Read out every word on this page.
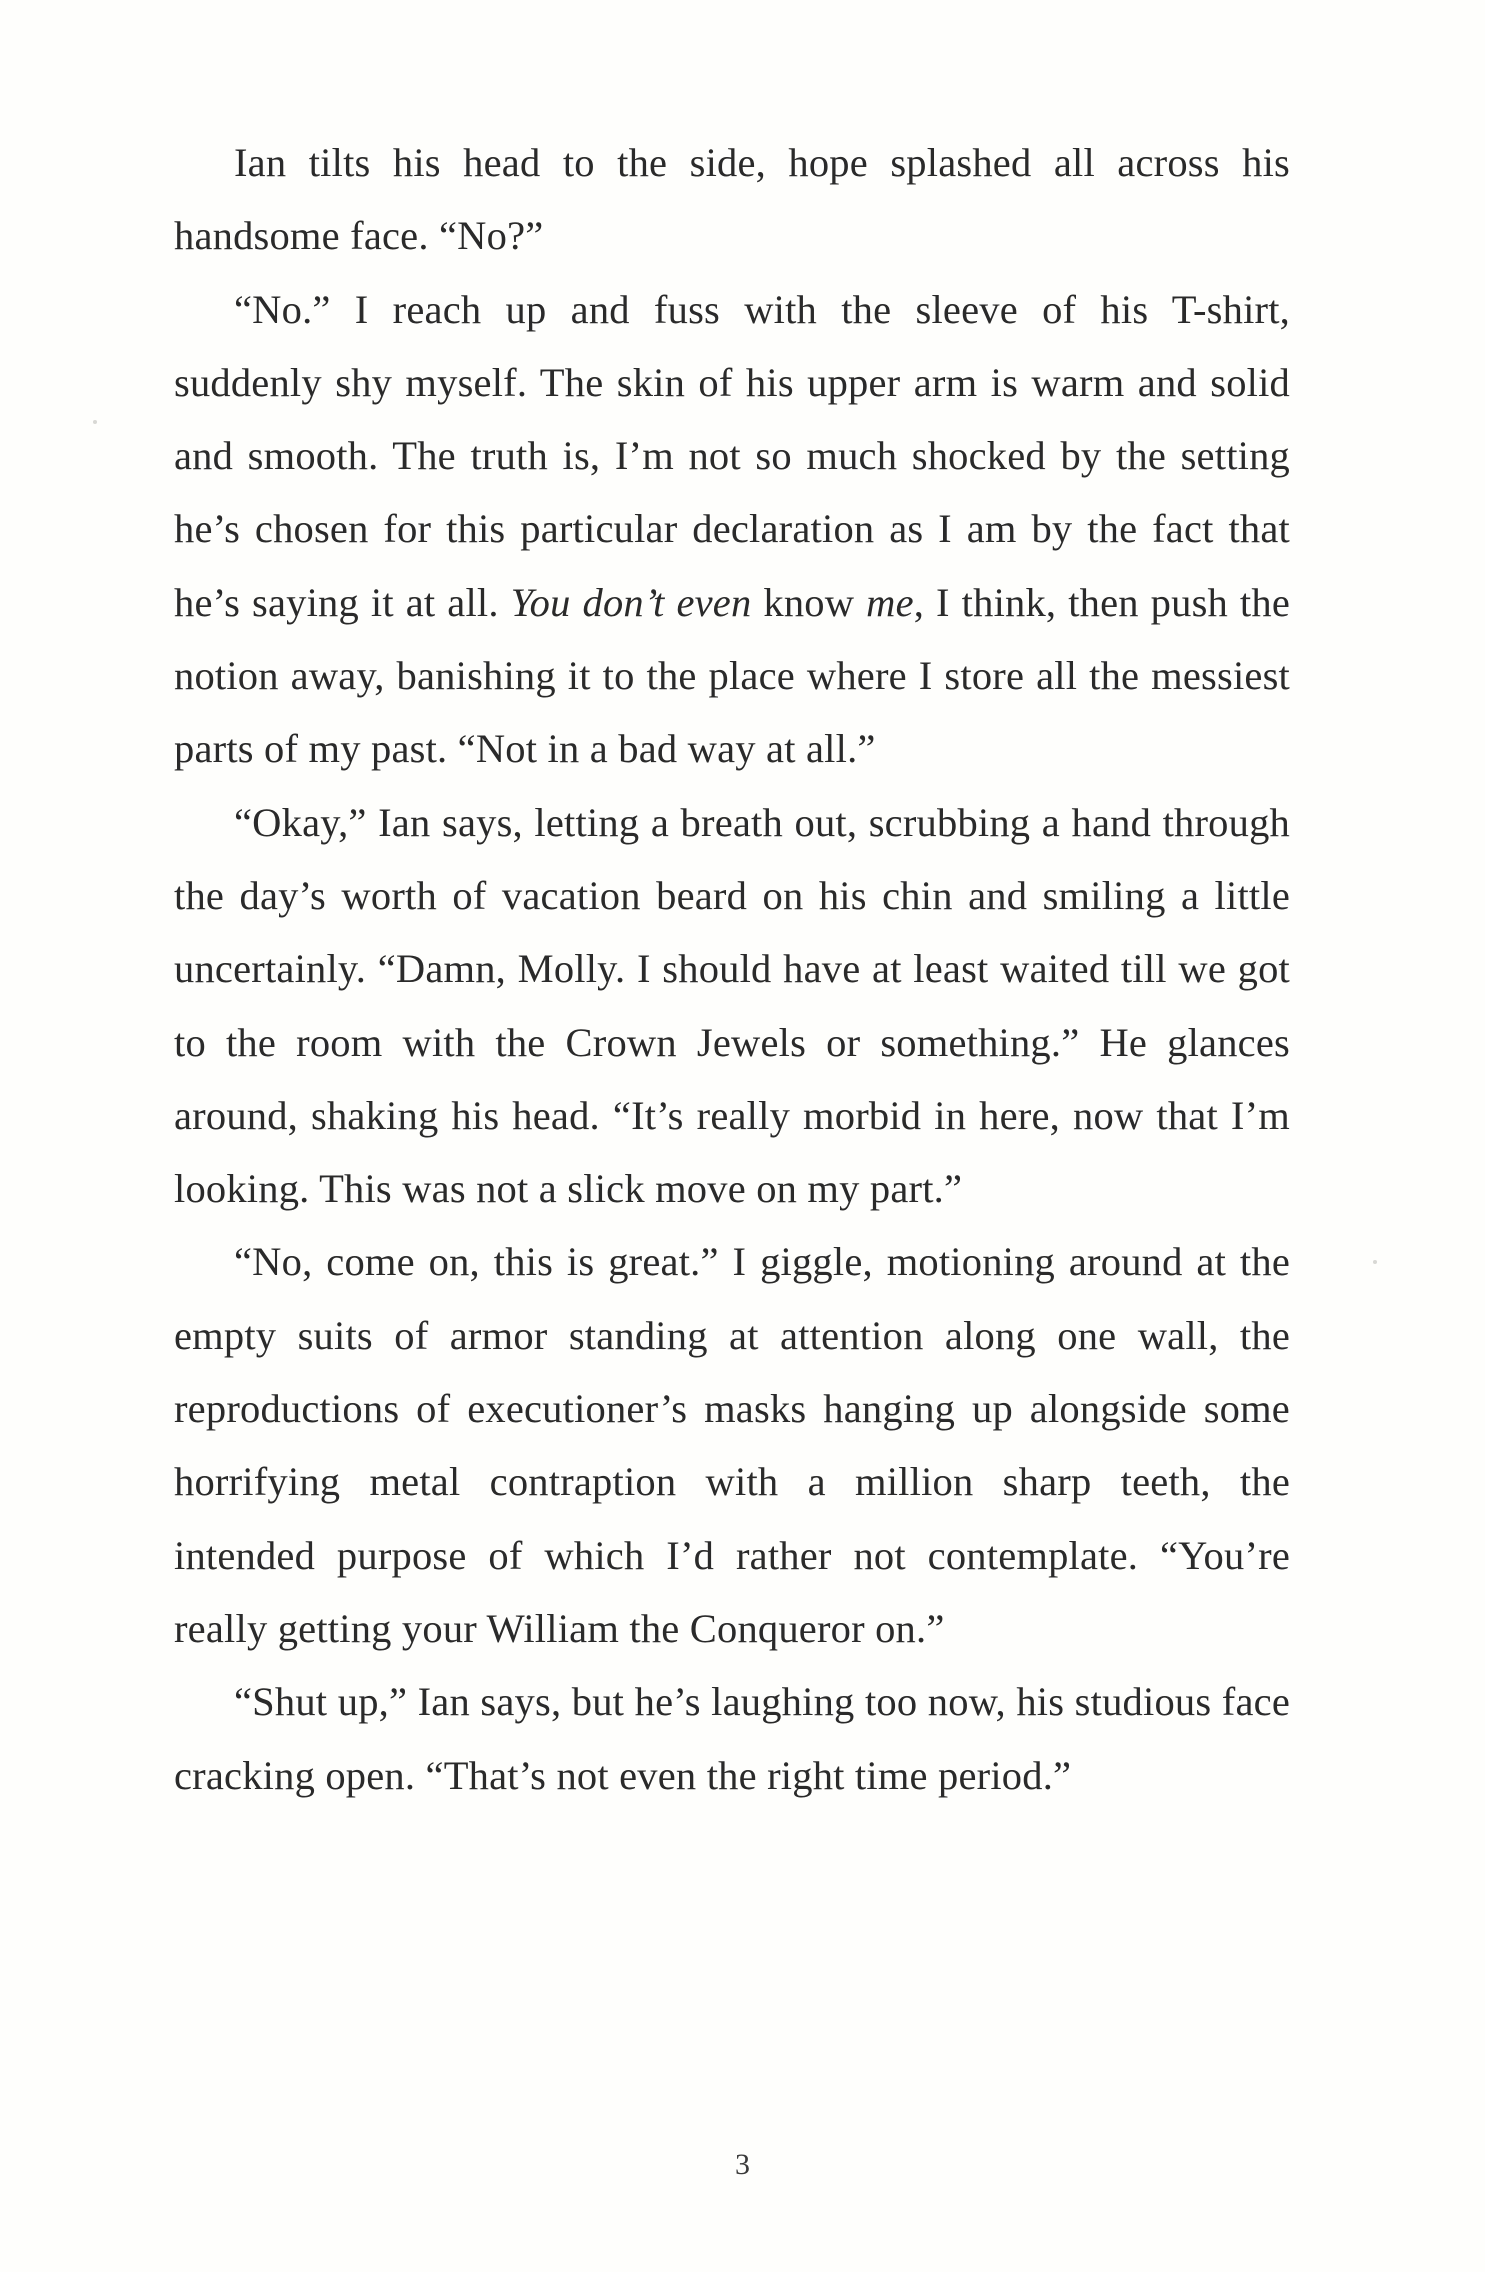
Ian tilts his head to the side, hope splashed all across his handsome face. “No?”

“No.” I reach up and fuss with the sleeve of his T-shirt, suddenly shy myself. The skin of his upper arm is warm and solid and smooth. The truth is, I’m not so much shocked by the setting he’s chosen for this particular declaration as I am by the fact that he’s saying it at all. You don’t even know me, I think, then push the notion away, banishing it to the place where I store all the messiest parts of my past. “Not in a bad way at all.”

“Okay,” Ian says, letting a breath out, scrubbing a hand through the day’s worth of vacation beard on his chin and smiling a little uncertainly. “Damn, Molly. I should have at least waited till we got to the room with the Crown Jewels or something.” He glances around, shaking his head. “It’s really morbid in here, now that I’m looking. This was not a slick move on my part.”

“No, come on, this is great.” I giggle, motioning around at the empty suits of armor standing at attention along one wall, the reproductions of executioner’s masks hanging up alongside some horrifying metal contraption with a million sharp teeth, the intended purpose of which I’d rather not contemplate. “You’re really getting your William the Conqueror on.”

“Shut up,” Ian says, but he’s laughing too now, his studious face cracking open. “That’s not even the right time period.”

3
